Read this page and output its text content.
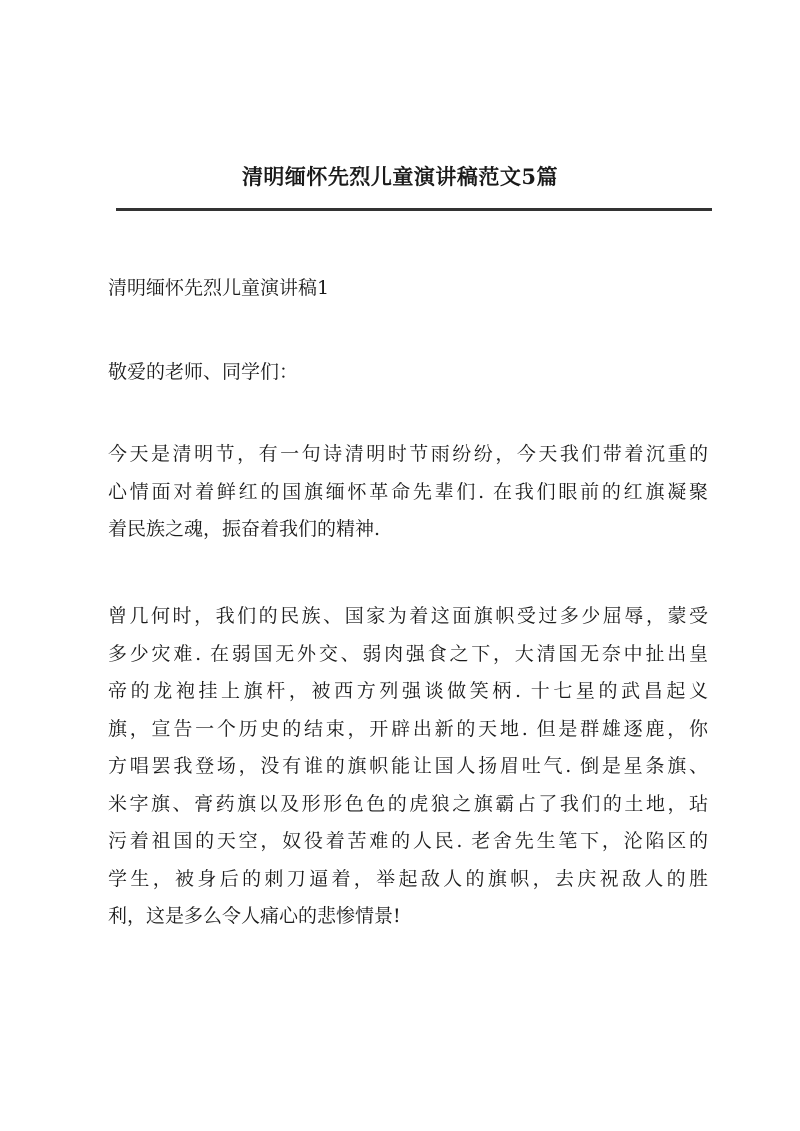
清明缅怀先烈儿童演讲稿范文5篇
清明缅怀先烈儿童演讲稿1
敬爱的老师、同学们：
今天是清明节，有一句诗清明时节雨纷纷，今天我们带着沉重的
心情面对着鲜红的国旗缅怀革命先辈们. 在我们眼前的红旗凝聚
着民族之魂，振奋着我们的精神.
曾几何时，我们的民族、国家为着这面旗帜受过多少屈辱，蒙受
多少灾难. 在弱国无外交、弱肉强食之下，大清国无奈中扯出皇
帝的龙袍挂上旗杆，被西方列强谈做笑柄. 十七星的武昌起义
旗，宣告一个历史的结束，开辟出新的天地. 但是群雄逐鹿，你
方唱罢我登场，没有谁的旗帜能让国人扬眉吐气. 倒是星条旗、
米字旗、膏药旗以及形形色色的虎狼之旗霸占了我们的土地，玷
污着祖国的天空，奴役着苦难的人民. 老舍先生笔下，沦陷区的
学生，被身后的刺刀逼着，举起敌人的旗帜，去庆祝敌人的胜
利，这是多么令人痛心的悲惨情景!
